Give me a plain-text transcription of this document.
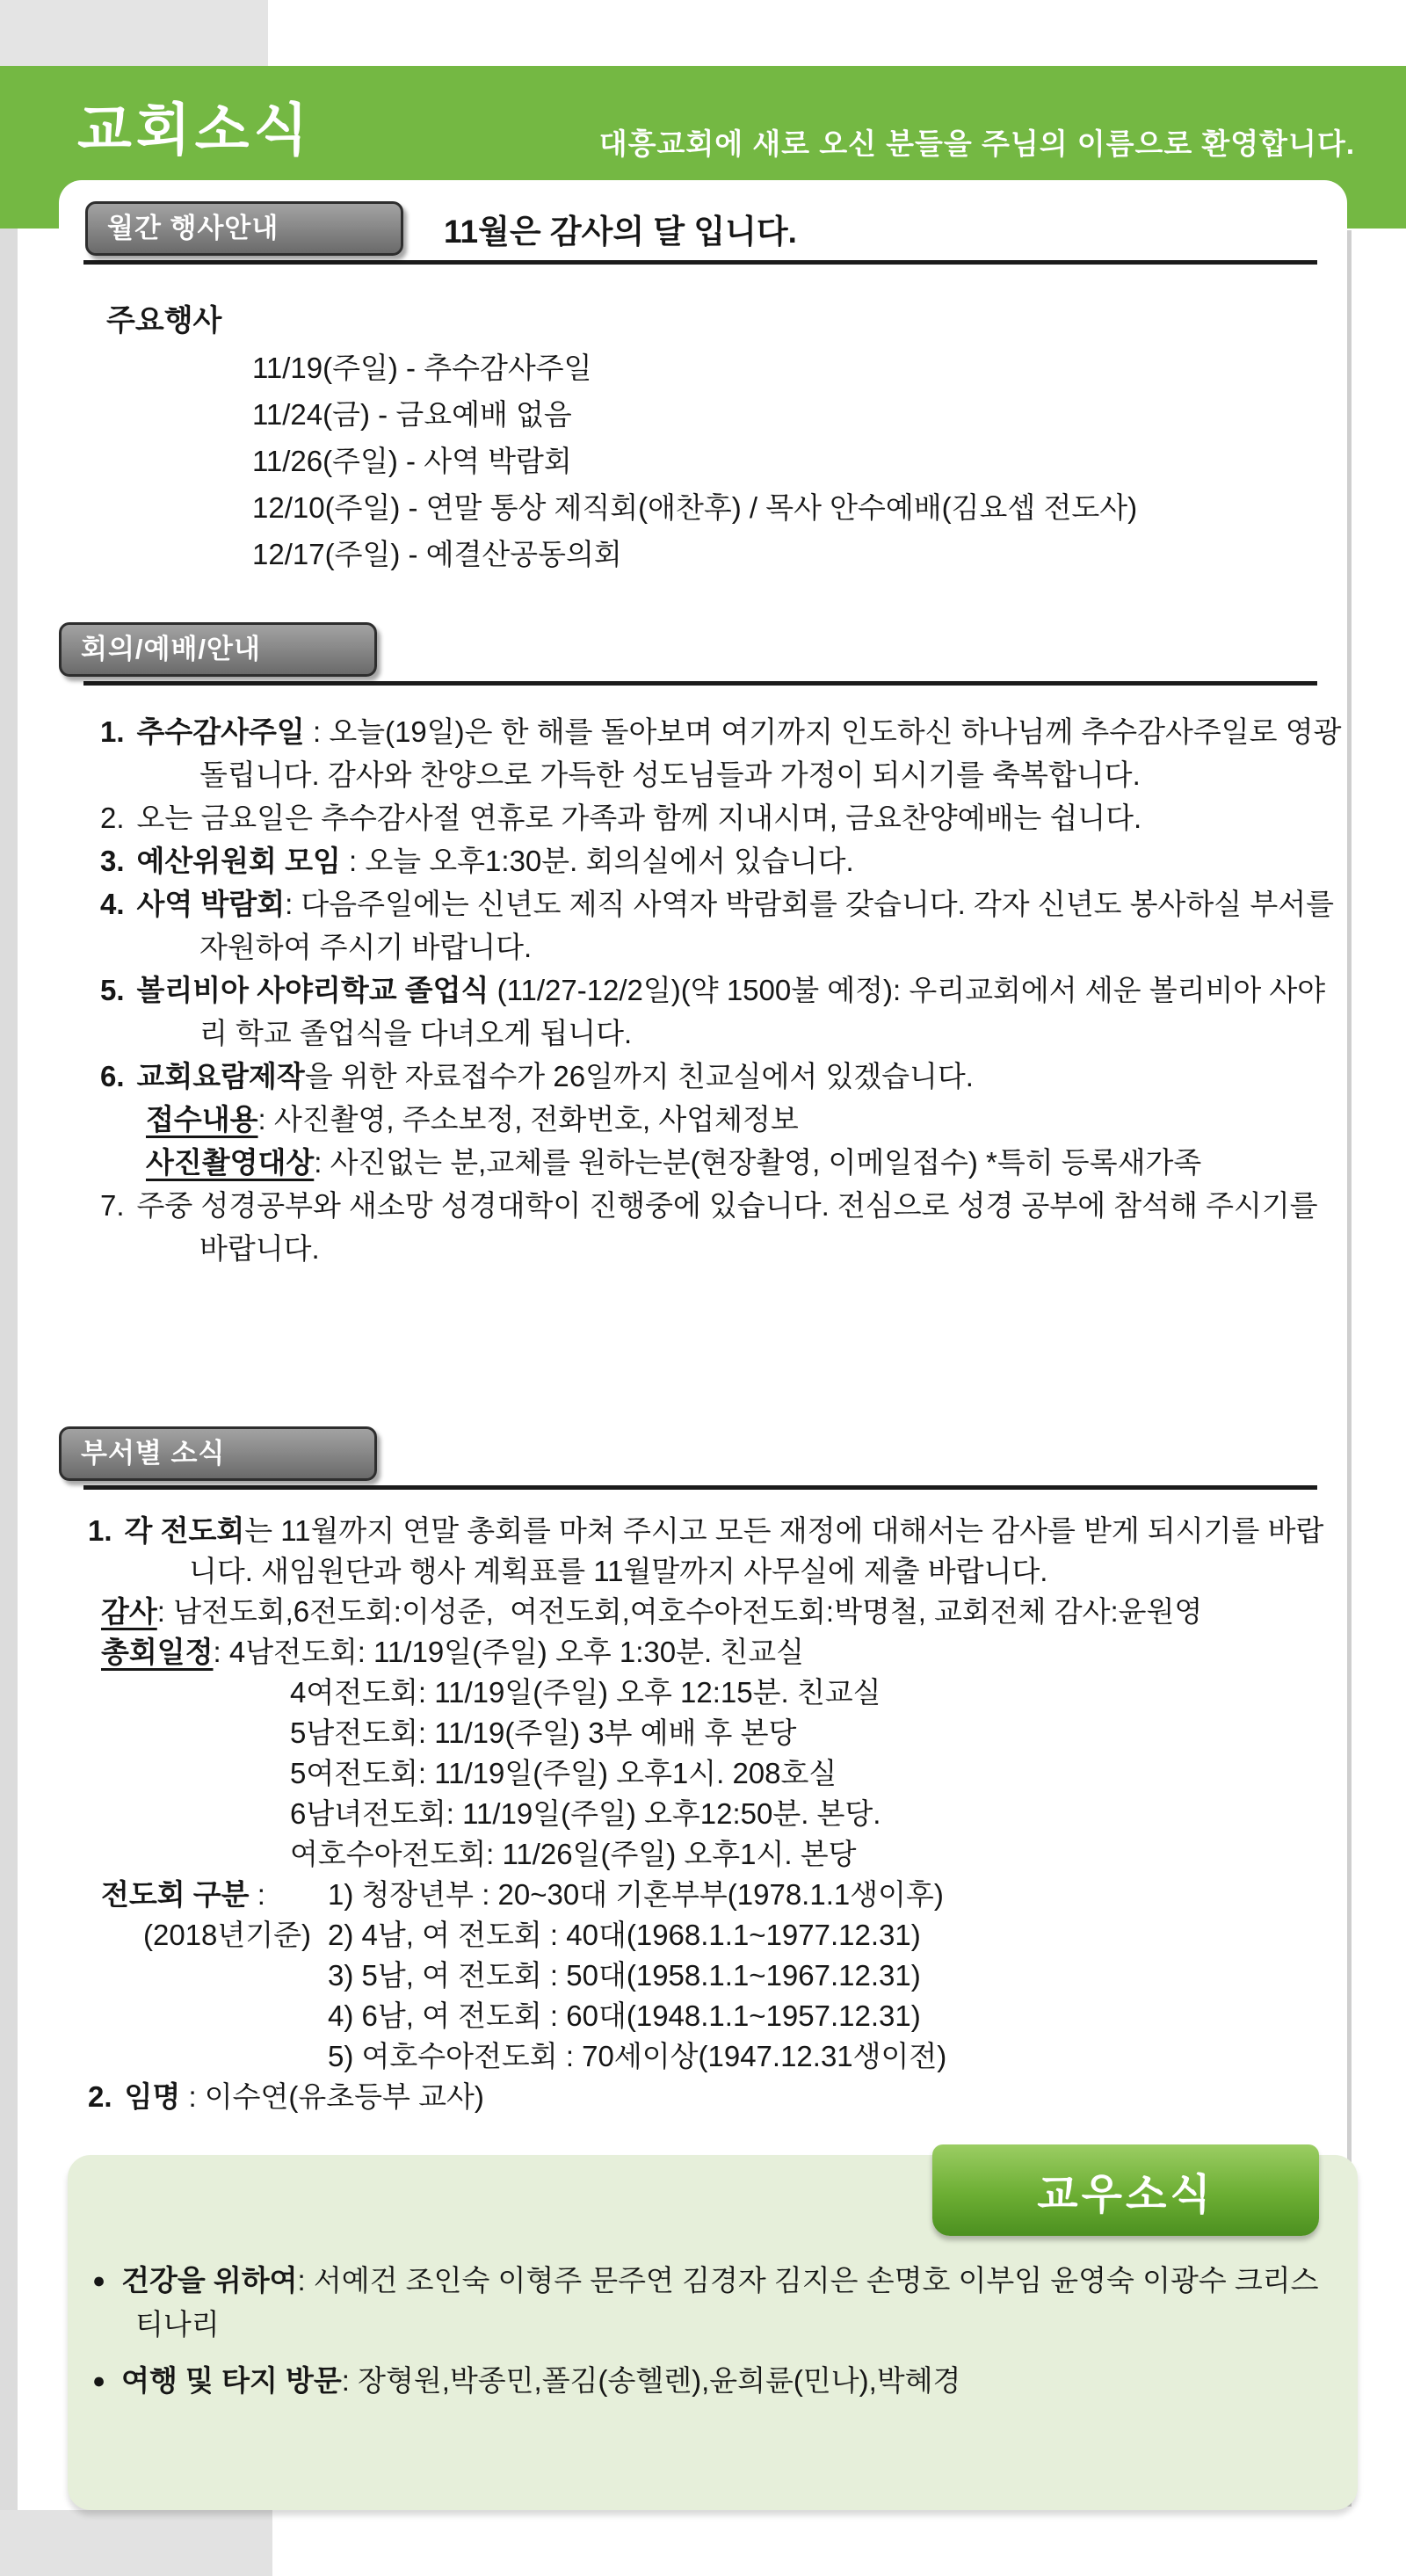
교회소식	대흥교회에 새로 오신 분들을 주님의 이름으로 환영합니다.
월간 행사안내	11월은 감사의 달 입니다.
주요행사
11/19(주일) - 추수감사주일
11/24(금) - 금요예배 없음
11/26(주일) - 사역 박람회
12/10(주일) - 연말 통상 제직회(애찬후) / 목사 안수예배(김요셉 전도사)
12/17(주일) - 예결산공동의회
회의/예배/안내
1. 추수감사주일 : 오늘(19일)은 한 해를 돌아보며 여기까지 인도하신 하나님께 추수감사주일로 영광 돌립니다. 감사와 찬양으로 가득한 성도님들과 가정이 되시기를 축복합니다.
2. 오는 금요일은 추수감사절 연휴로 가족과 함께 지내시며, 금요찬양예배는 쉽니다.
3. 예산위원회 모임 : 오늘 오후1:30분. 회의실에서 있습니다.
4. 사역 박람회: 다음주일에는 신년도 제직 사역자 박람회를 갖습니다. 각자 신년도 봉사하실 부서를 자원하여 주시기 바랍니다.
5. 볼리비아 사야리학교 졸업식 (11/27-12/2일)(약 1500불 예정): 우리교회에서 세운 볼리비아 사야리 학교 졸업식을 다녀오게 됩니다.
6. 교회요람제작을 위한 자료접수가 26일까지 친교실에서 있겠습니다.
접수내용: 사진촬영, 주소보정, 전화번호, 사업체정보
사진촬영대상: 사진없는 분,교체를 원하는분(현장촬영, 이메일접수) *특히 등록새가족
7. 주중 성경공부와 새소망 성경대학이 진행중에 있습니다. 전심으로 성경 공부에 참석해 주시기를 바랍니다.
부서별 소식
1. 각 전도회는 11월까지 연말 총회를 마쳐 주시고 모든 재정에 대해서는 감사를 받게 되시기를 바랍니다. 새임원단과 행사 계획표를 11월말까지 사무실에 제출 바랍니다.
감사: 남전도회,6전도회:이성준,  여전도회,여호수아전도회:박명철, 교회전체 감사:윤원영
총회일정: 4남전도회: 11/19일(주일) 오후 1:30분. 친교실
4여전도회: 11/19일(주일) 오후 12:15분. 친교실
5남전도회: 11/19(주일) 3부 예배 후 본당
5여전도회: 11/19일(주일) 오후1시. 208호실
6남녀전도회: 11/19일(주일) 오후12:50분. 본당.
여호수아전도회: 11/26일(주일) 오후1시. 본당
전도회 구분 :	1) 청장년부 : 20~30대 기혼부부(1978.1.1생이후)
(2018년기준) 2) 4남, 여 전도회 : 40대(1968.1.1~1977.12.31)
3) 5남, 여 전도회 : 50대(1958.1.1~1967.12.31)
4) 6남, 여 전도회 : 60대(1948.1.1~1957.12.31)
5) 여호수아전도회 : 70세이상(1947.12.31생이전)
2. 임명 : 이수연(유초등부 교사)
● 건강을 위하여: 서예건 조인숙 이형주 문주연 김경자 김지은 손명호 이부임 윤영숙 이광수 크리스티나리
● 여행 및 타지 방문: 장형원,박종민,폴김(송헬렌),윤희륜(민나),박혜경
교우소식
